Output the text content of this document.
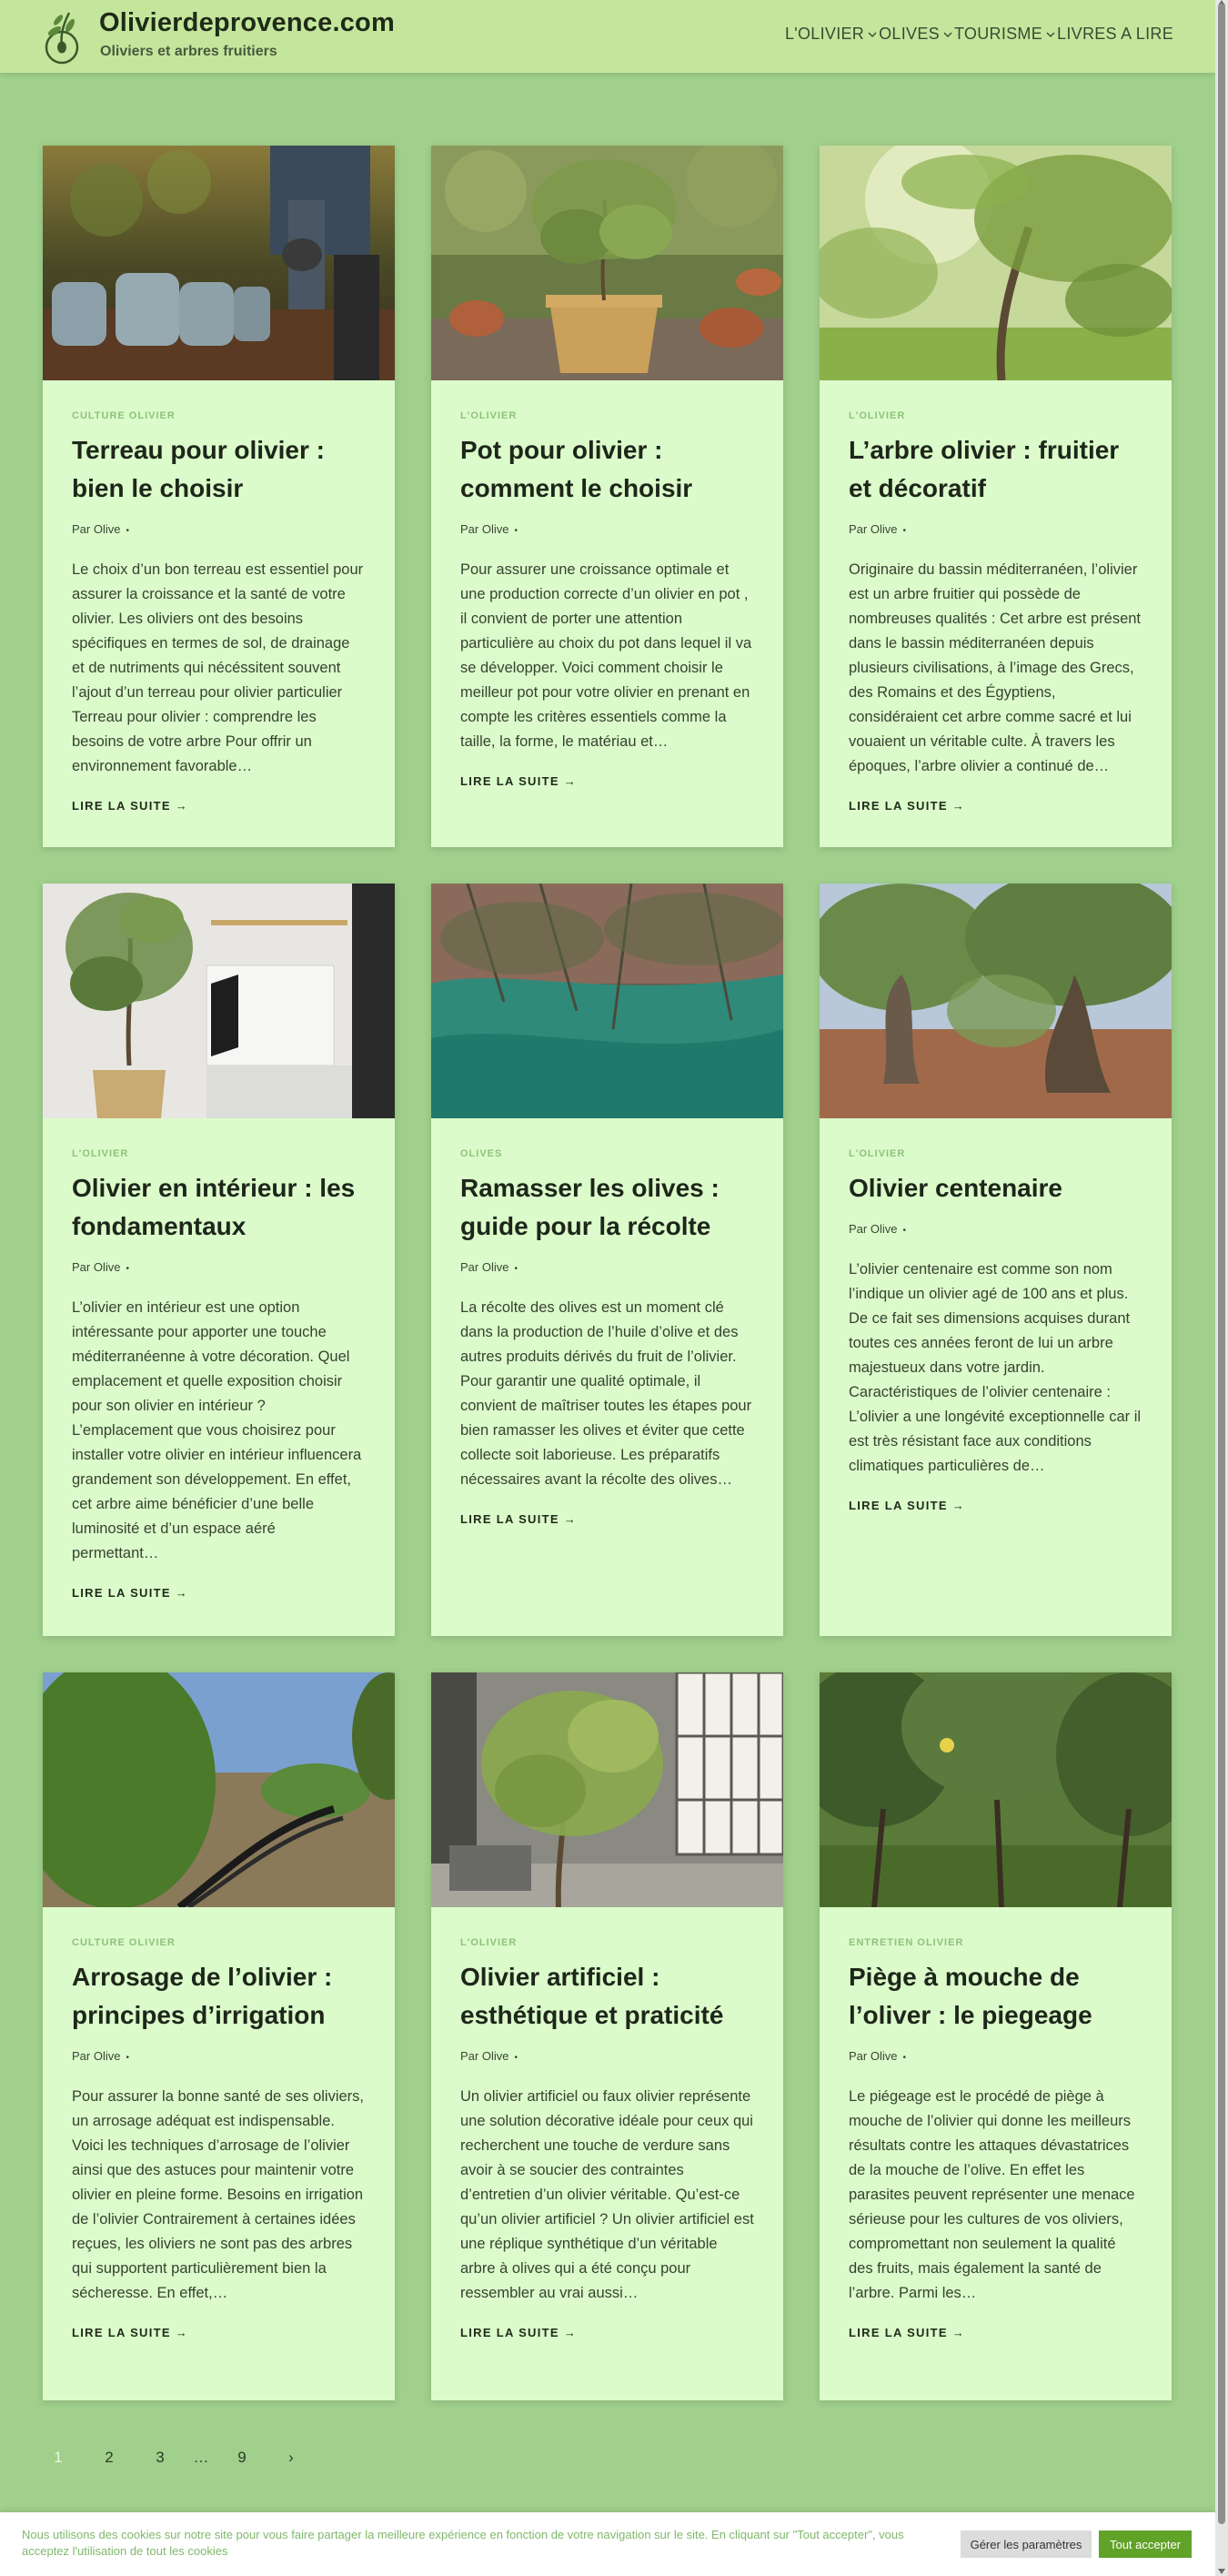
Olivierdeprovence.com
Oliviers et arbres fruitiers
L'OLIVIER OLIVES TOURISME LIVRES A LIRE
CULTURE OLIVIER
Terreau pour olivier : bien le choisir
Par Olive •
Le choix d’un bon terreau est essentiel pour assurer la croissance et la santé de votre olivier. Les oliviers ont des besoins spécifiques en termes de sol, de drainage et de nutriments qui nécéssitent souvent l’ajout d’un terreau pour olivier particulier Terreau pour olivier : comprendre les besoins de votre arbre Pour offrir un environnement favorable…
LIRE LA SUITE →
L'OLIVIER
Pot pour olivier : comment le choisir
Par Olive •
Pour assurer une croissance optimale et une production correcte d’un olivier en pot , il convient de porter une attention particulière au choix du pot dans lequel il va se développer. Voici comment choisir le meilleur pot pour votre olivier en prenant en compte les critères essentiels comme la taille, la forme, le matériau et…
LIRE LA SUITE →
L'OLIVIER
L’arbre olivier : fruitier et décoratif
Par Olive •
Originaire du bassin méditerranéen, l’olivier est un arbre fruitier qui possède de nombreuses qualités : Cet arbre est présent dans le bassin méditerranéen depuis plusieurs civilisations, à l’image des Grecs, des Romains et des Égyptiens, considéraient cet arbre comme sacré et lui vouaient un véritable culte. À travers les époques, l’arbre olivier a continué de…
LIRE LA SUITE →
L'OLIVIER
Olivier en intérieur : les fondamentaux
Par Olive •
L’olivier en intérieur est une option intéressante pour apporter une touche méditerranéenne à votre décoration. Quel emplacement et quelle exposition choisir pour son olivier en intérieur ? L’emplacement que vous choisirez pour installer votre olivier en intérieur influencera grandement son développement. En effet, cet arbre aime bénéficier d’une belle luminosité et d’un espace aéré permettant…
LIRE LA SUITE →
OLIVES
Ramasser les olives : guide pour la récolte
Par Olive •
La récolte des olives est un moment clé dans la production de l’huile d’olive et des autres produits dérivés du fruit de l’olivier. Pour garantir une qualité optimale, il convient de maîtriser toutes les étapes pour bien ramasser les olives et éviter que cette collecte soit laborieuse. Les préparatifs nécessaires avant la récolte des olives…
LIRE LA SUITE →
L'OLIVIER
Olivier centenaire
Par Olive •
L’olivier centenaire est comme son nom l’indique un olivier agé de 100 ans et plus. De ce fait ses dimensions acquises durant toutes ces années feront de lui un arbre majestueux dans votre jardin. Caractéristiques de l’olivier centenaire : L’olivier a une longévité exceptionnelle car il est très résistant face aux conditions climatiques particulières de…
LIRE LA SUITE →
CULTURE OLIVIER
Arrosage de l’olivier : principes d’irrigation
Par Olive •
Pour assurer la bonne santé de ses oliviers, un arrosage adéquat est indispensable. Voici les techniques d’arrosage de l’olivier ainsi que des astuces pour maintenir votre olivier en pleine forme. Besoins en irrigation de l’olivier Contrairement à certaines idées reçues, les oliviers ne sont pas des arbres qui supportent particulièrement bien la sécheresse. En effet,…
LIRE LA SUITE →
L'OLIVIER
Olivier artificiel : esthétique et praticité
Par Olive •
Un olivier artificiel ou faux olivier représente une solution décorative idéale pour ceux qui recherchent une touche de verdure sans avoir à se soucier des contraintes d’entretien d’un olivier véritable. Qu’est-ce qu’un olivier artificiel ? Un olivier artificiel est une réplique synthétique d’un véritable arbre à olives qui a été conçu pour ressembler au vrai aussi…
LIRE LA SUITE →
ENTRETIEN OLIVIER
Piège à mouche de l’oliver : le piegeage
Par Olive •
Le piégeage est le procédé de piège à mouche de l’olivier qui donne les meilleurs résultats contre les attaques dévastatrices de la mouche de l’olive. En effet les parasites peuvent représenter une menace sérieuse pour les cultures de vos oliviers, compromettant non seulement la qualité des fruits, mais également la santé de l’arbre. Parmi les…
LIRE LA SUITE →
1	2	3	…	9	›
Nous utilisons des cookies sur notre site pour vous faire partager la meilleure expérience en fonction de votre navigation sur le site. En cliquant sur "Tout accepter", vous acceptez l'utilisation de tout les cookies	Gérer les paramètres	Tout accepter
